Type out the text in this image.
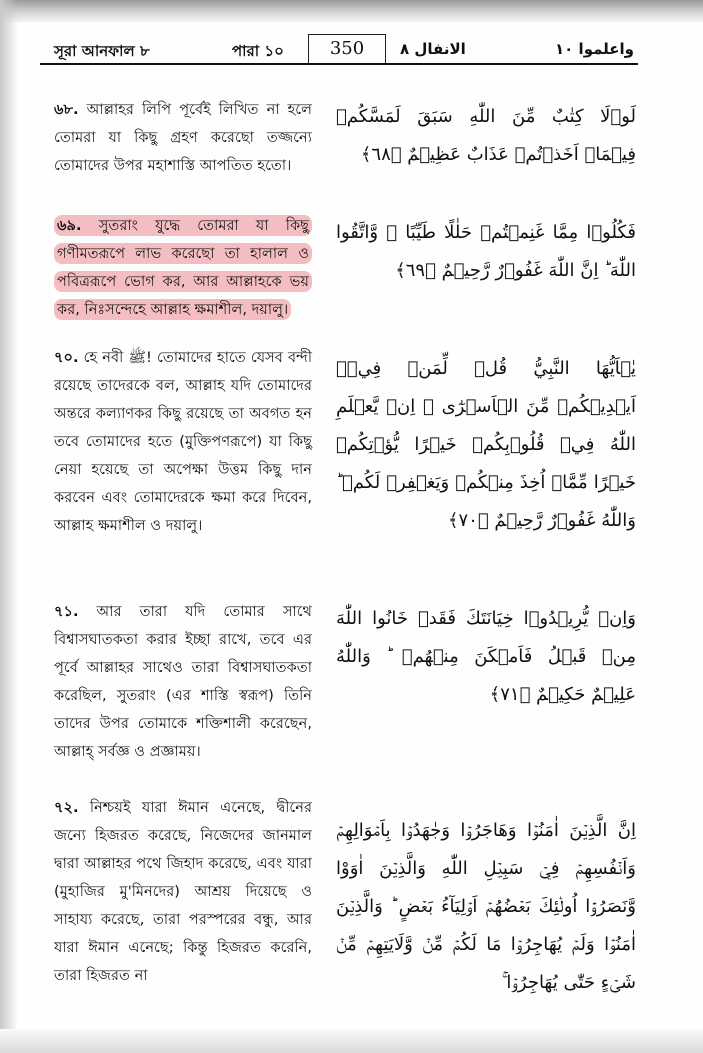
সূরা আনফাল ৮	পারা ১০	350	الانفال ٨	واعلموا ١٠
৬৮. আল্লাহর লিপি পূর্বেই লিখিত না হলে তোমরা যা কিছু গ্রহণ করেছো তজ্জন্যে তোমাদের উপর মহাশাস্তি আপতিত হতো।
لَوۡلَا كِتٰبٌ مِّنَ اللّٰهِ سَبَقَ لَمَسَّكُمۡ فِيۡمَاۤ اَخَذۡتُمۡ عَذَابٌ عَظِيۡمٌ ﴿٦٨﴾
৬৯. সুতরাং যুদ্ধে তোমরা যা কিছু গণীমতরূপে লাভ করেছো তা হালাল ও পবিত্ররূপে ভোগ কর, আর আল্লাহকে ভয় কর, নিঃসন্দেহে আল্লাহ ক্ষমাশীল, দয়ালু।
فَكُلُوۡا مِمَّا غَنِمۡتُمۡ حَلٰلًا طَيِّبًا ۖ وَّاتَّقُوا اللّٰهَ ؕ اِنَّ اللّٰهَ غَفُوۡرٌ رَّحِيۡمٌ ﴿٦٩﴾
৭০. হে নবী ﷺ! তোমাদের হাতে যেসব বন্দী রয়েছে তাদেরকে বল, আল্লাহ যদি তোমাদের অন্তরে কল্যাণকর কিছু রয়েছে তা অবগত হন তবে তোমাদের হতে (মুক্তিপণরূপে) যা কিছু নেয়া হয়েছে তা অপেক্ষা উত্তম কিছু দান করবেন এবং তোমাদেরকে ক্ষমা করে দিবেন, আল্লাহ ক্ষমাশীল ও দয়ালু।
يٰۤاَيُّهَا النَّبِيُّ قُلۡ لِّمَنۡ فِيۡۤ اَيۡدِيۡكُمۡ مِّنَ الۡاَسۡرٰٓى ۙ اِنۡ يَّعۡلَمِ اللّٰهُ فِيۡ قُلُوۡبِكُمۡ خَيۡرًا يُّؤۡتِكُمۡ خَيۡرًا مِّمَّاۤ اُخِذَ مِنۡكُمۡ وَيَغۡفِرۡ لَكُمۡ ؕ وَاللّٰهُ غَفُوۡرٌ رَّحِيۡمٌ ﴿٧٠﴾
৭১. আর তারা যদি তোমার সাথে বিশ্বাসঘাতকতা করার ইচ্ছা রাখে, তবে এর পূর্বে আল্লাহর সাথেও তারা বিশ্বাসঘাতকতা করেছিল, সুতরাং (এর শাস্তি স্বরূপ) তিনি তাদের উপর তোমাকে শক্তিশালী করেছেন, আল্লাহ্ সর্বজ্ঞ ও প্রজ্ঞাময়।
وَاِنۡ يُّرِيۡدُوۡا خِيَانَتَكَ فَقَدۡ خَانُوا اللّٰهَ مِنۡ قَبۡلُ فَاَمۡكَنَ مِنۡهُمۡ ؕ وَاللّٰهُ عَلِيۡمٌ حَكِيۡمٌ ﴿٧١﴾
৭২. নিশ্চয়ই যারা ঈমান এনেছে, দ্বীনের জন্যে হিজরত করেছে, নিজেদের জানমাল দ্বারা আল্লাহর পথে জিহাদ করেছে, এবং যারা (মুহাজির মু'মিনদের) আশ্রয় দিয়েছে ও সাহায্য করেছে, তারা পরস্পরের বন্ধু, আর যারা ঈমান এনেছে; কিন্তু হিজরত করেনি, তারা হিজরত না
اِنَّ الَّذِيۡنَ اٰمَنُوۡا وَهَاجَرُوۡا وَجٰهَدُوۡا بِاَمۡوَالِهِمۡ وَاَنۡفُسِهِمۡ فِيۡ سَبِيۡلِ اللّٰهِ وَالَّذِيۡنَ اٰوَوْا وَّنَصَرُوۡۤا اُولٰۤئِكَ بَعۡضُهُمۡ اَوۡلِيَآءُ بَعۡضٍ ؕ وَالَّذِيۡنَ اٰمَنُوۡا وَلَمۡ يُهَاجِرُوۡا مَا لَكُمۡ مِّنۡ وَّلَايَتِهِمۡ مِّنۡ شَىۡءٍ حَتّٰى يُهَاجِرُوۡا ۚ
